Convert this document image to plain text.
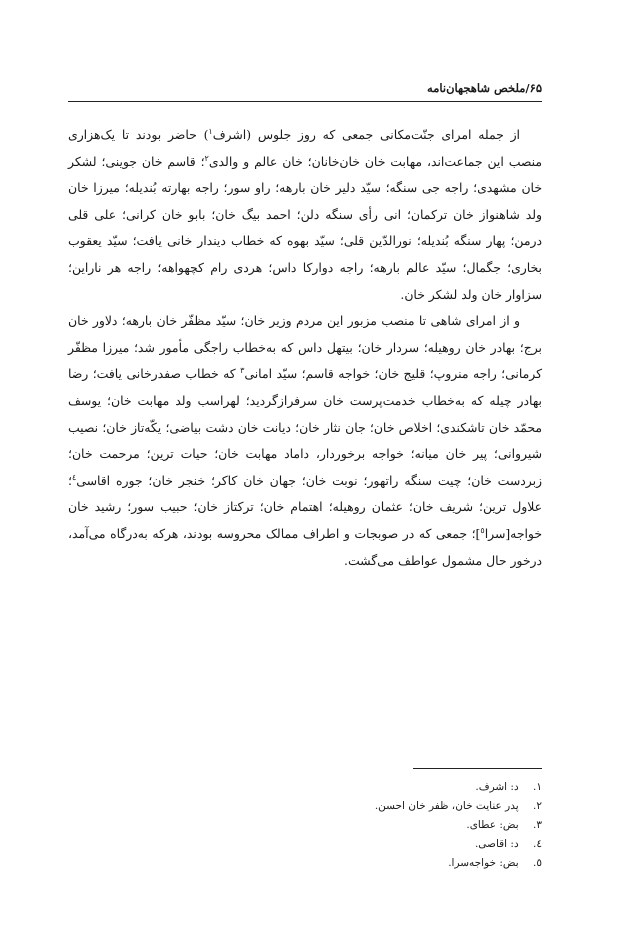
۶۵/ملخص شاهجهان‌نامه

از جمله امرای جنّت‌مکانی جمعی که روز جلوس (اشرف$^١$) حاضر بودند تا یک‌هزاری منصب این جماعت‌اند، مهابت خان خان‌خانان؛ خان عالم و والدی$^٢$؛ قاسم خان جوینی؛ لشکر خان مشهدی؛ راجه جی سنگه؛ سیّد دلیر خان بارهه؛ راو سور؛ راجه بهارته بُندیله؛ میرزا خان ولد شاهنواز خان ترکمان؛ انی رأی سنگه دلن؛ احمد بیگ خان؛ بابو خان کرانی؛ علی قلی درمن؛ پهار سنگه بُندیله؛ نورالدّین قلی؛ سیّد بهوه که خطاب دیندار خانی یافت؛ سیّد یعقوب بخاری؛ جگمال؛ سیّد عالم بارهه؛ راجه دوارکا داس؛ هردی رام کچهواهه؛ راجه هر ناراین؛ سزاوار خان ولد لشکر خان.

و از امرای شاهی تا منصب مزبور این مردم وزیر خان؛ سیّد مظفّر خان بارهه؛ دلاور خان برج؛ بهادر خان روهیله؛ سردار خان؛ بیتهل داس که به‌خطاب راجگی مأمور شد؛ میرزا مظفّر کرمانی؛ راجه منروپ؛ قلیج خان؛ خواجه قاسم؛ سیّد امانی$^٣$ که خطاب صفدرخانی یافت؛ رضا بهادر چیله که به‌خطاب خدمت‌پرست خان سرفرازگردید؛ لهراسب ولد مهابت خان؛ یوسف محمّد خان تاشکندی؛ اخلاص خان؛ جان نثار خان؛ دیانت خان دشت بیاضی؛ یکّه‌تاز خان؛ نصیب شیروانی؛ پیر خان میانه؛ خواجه برخوردار، داماد مهابت خان؛ حیات ترین؛ مرحمت خان؛ زبردست خان؛ چیت سنگه راتهور؛ نوبت خان؛ جهان خان کاکر؛ خنجر خان؛ جوره اقاسی$^٤$؛ علاول ترین؛ شریف خان؛ عثمان روهیله؛ اهتمام خان؛ ترکتاز خان؛ حبیب سور؛ رشید خان خواجه[سرا$^٥$]؛ جمعی که در صوبجات و اطراف ممالک محروسه بودند، هرکه به‌درگاه می‌آمد، درخور حال مشمول عواطف می‌گشت.

١. د: اشرف.
٢. پدر عنایت خان، ظفر خان احسن.
٣. بض: عطای.
٤. د: اقاصی.
٥. بض: خواجه‌سرا.
